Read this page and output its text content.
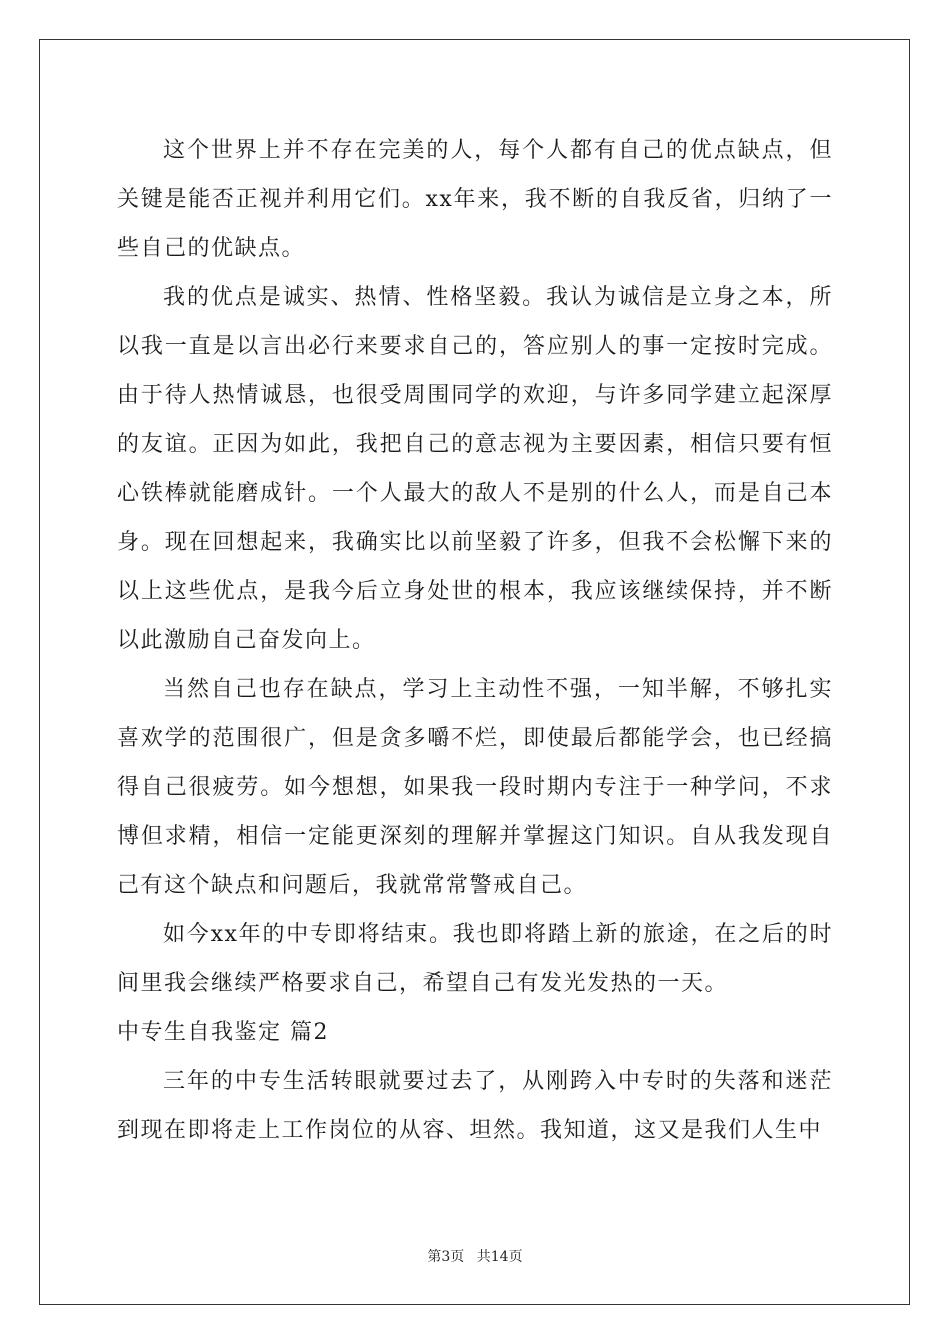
这个世界上并不存在完美的人，每个人都有自己的优点缺点，但关键是能否正视并利用它们。xx年来，我不断的自我反省，归纳了一些自己的优缺点。

我的优点是诚实、热情、性格坚毅。我认为诚信是立身之本，所以我一直是以言出必行来要求自己的，答应别人的事一定按时完成。由于待人热情诚恳，也很受周围同学的欢迎，与许多同学建立起深厚的友谊。正因为如此，我把自己的意志视为主要因素，相信只要有恒心铁棒就能磨成针。一个人最大的敌人不是别的什么人，而是自己本身。现在回想起来，我确实比以前坚毅了许多，但我不会松懈下来的以上这些优点，是我今后立身处世的根本，我应该继续保持，并不断以此激励自己奋发向上。

当然自己也存在缺点，学习上主动性不强，一知半解，不够扎实喜欢学的范围很广，但是贪多嚼不烂，即使最后都能学会，也已经搞得自己很疲劳。如今想想，如果我一段时期内专注于一种学问，不求博但求精，相信一定能更深刻的理解并掌握这门知识。自从我发现自己有这个缺点和问题后，我就常常警戒自己。

如今xx年的中专即将结束。我也即将踏上新的旅途，在之后的时间里我会继续严格要求自己，希望自己有发光发热的一天。

中专生自我鉴定 篇2

三年的中专生活转眼就要过去了，从刚跨入中专时的失落和迷茫到现在即将走上工作岗位的从容、坦然。我知道，这又是我们人生中

第3页 共14页
